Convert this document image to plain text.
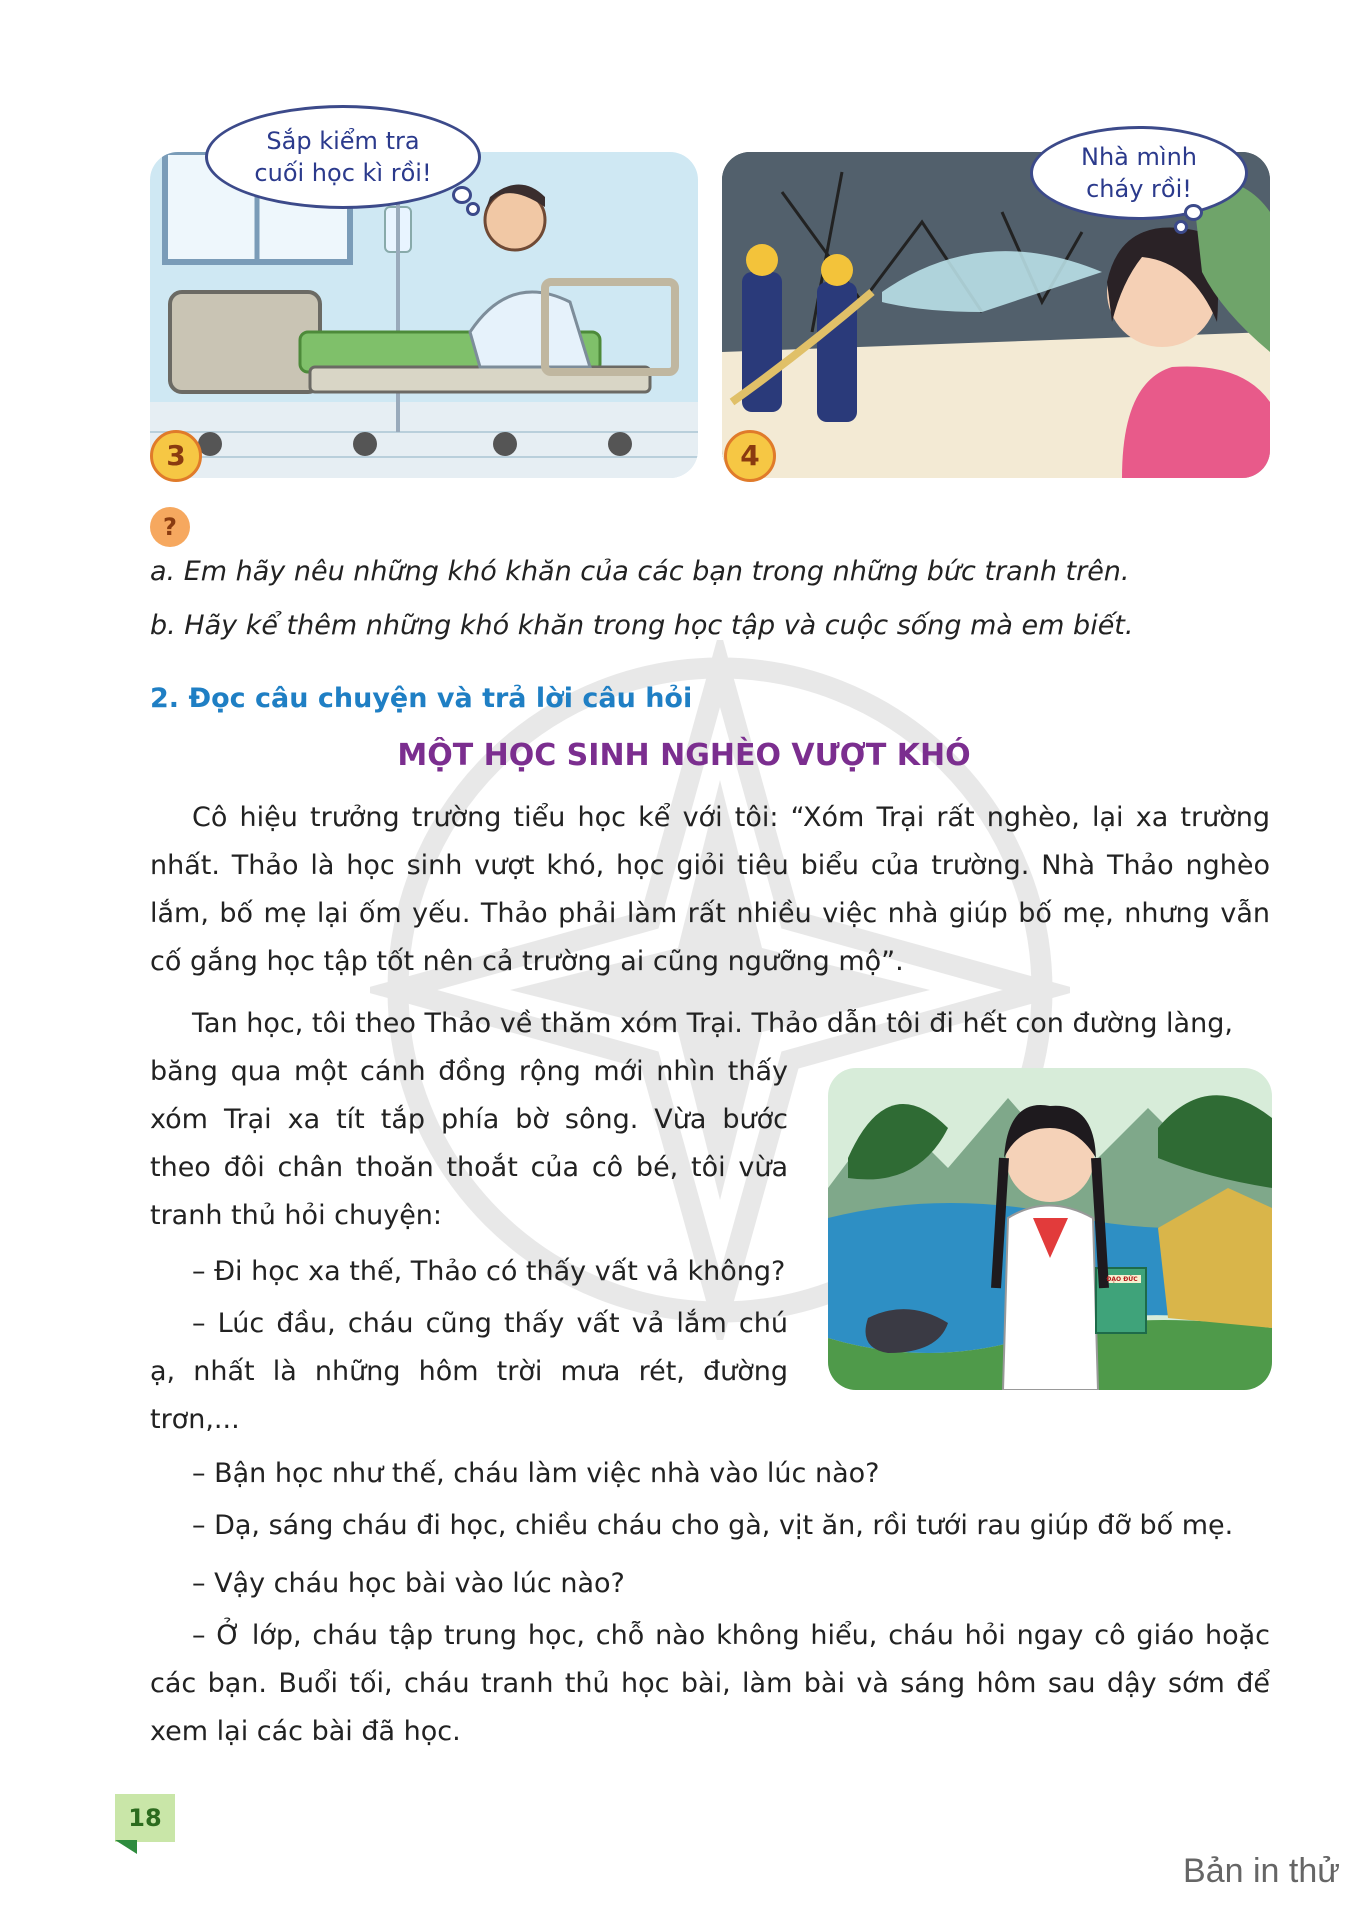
3
Sắp kiểm tra
cuối học kì rồi!
4
Nhà mình
cháy rồi!
?
a. Em hãy nêu những khó khăn của các bạn trong những bức tranh trên.
b. Hãy kể thêm những khó khăn trong học tập và cuộc sống mà em biết.
2. Đọc câu chuyện và trả lời câu hỏi
MỘT HỌC SINH NGHÈO VƯỢT KHÓ
Cô hiệu trưởng trường tiểu học kể với tôi: “Xóm Trại rất nghèo, lại xa trường nhất. Thảo là học sinh vượt khó, học giỏi tiêu biểu của trường. Nhà Thảo nghèo lắm, bố mẹ lại ốm yếu. Thảo phải làm rất nhiều việc nhà giúp bố mẹ, nhưng vẫn cố gắng học tập tốt nên cả trường ai cũng ngưỡng mộ”.
Tan học, tôi theo Thảo về thăm xóm Trại. Thảo dẫn tôi đi hết con đường làng,
băng qua một cánh đồng rộng mới nhìn thấy xóm Trại xa tít tắp phía bờ sông. Vừa bước theo đôi chân thoăn thoắt của cô bé, tôi vừa tranh thủ hỏi chuyện:
ĐẠO ĐỨC
– Đi học xa thế, Thảo có thấy vất vả không?
– Lúc đầu, cháu cũng thấy vất vả lắm chú ạ, nhất là những hôm trời mưa rét, đường trơn,...
– Bận học như thế, cháu làm việc nhà vào lúc nào?
– Dạ, sáng cháu đi học, chiều cháu cho gà, vịt ăn, rồi tưới rau giúp đỡ bố mẹ.
– Vậy cháu học bài vào lúc nào?
– Ở lớp, cháu tập trung học, chỗ nào không hiểu, cháu hỏi ngay cô giáo hoặc các bạn. Buổi tối, cháu tranh thủ học bài, làm bài và sáng hôm sau dậy sớm để xem lại các bài đã học.
18
Bản in thử
